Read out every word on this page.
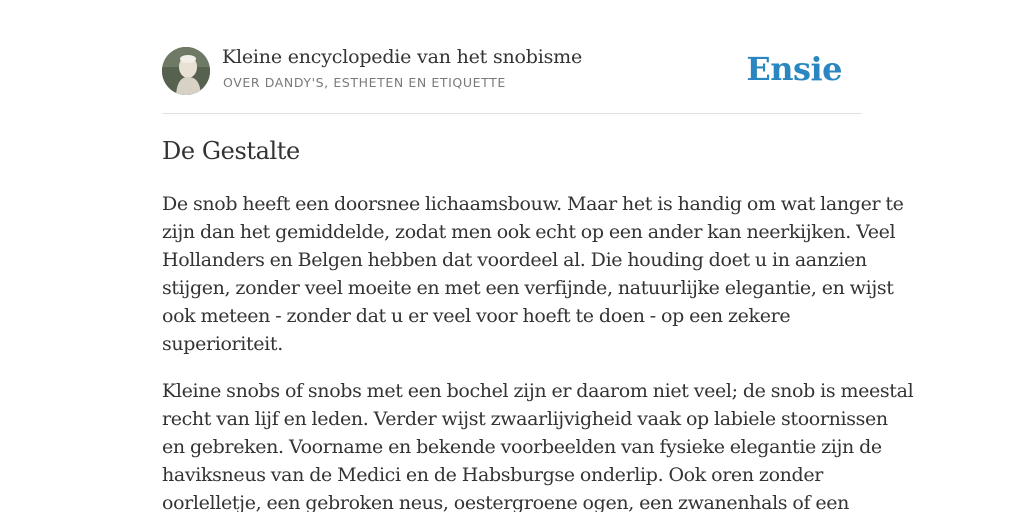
Kleine encyclopedie van het snobisme
OVER DANDY'S, ESTHETEN EN ETIQUETTE	Ensie
De Gestalte

De snob heeft een doorsnee lichaamsbouw. Maar het is handig om wat langer te
zijn dan het gemiddelde, zodat men ook echt op een ander kan neerkijken. Veel
Hollanders en Belgen hebben dat voordeel al. Die houding doet u in aanzien
stijgen, zonder veel moeite en met een verfijnde, natuurlijke elegantie, en wijst
ook meteen - zonder dat u er veel voor hoeft te doen - op een zekere
superioriteit.

Kleine snobs of snobs met een bochel zijn er daarom niet veel; de snob is meestal
recht van lijf en leden. Verder wijst zwaarlijvigheid vaak op labiele stoornissen
en gebreken. Voorname en bekende voorbeelden van fysieke elegantie zijn de
haviksneus van de Medici en de Habsburgse onderlip. Ook oren zonder
oorlelletje, een gebroken neus, oestergroene ogen, een zwanenhals of een
